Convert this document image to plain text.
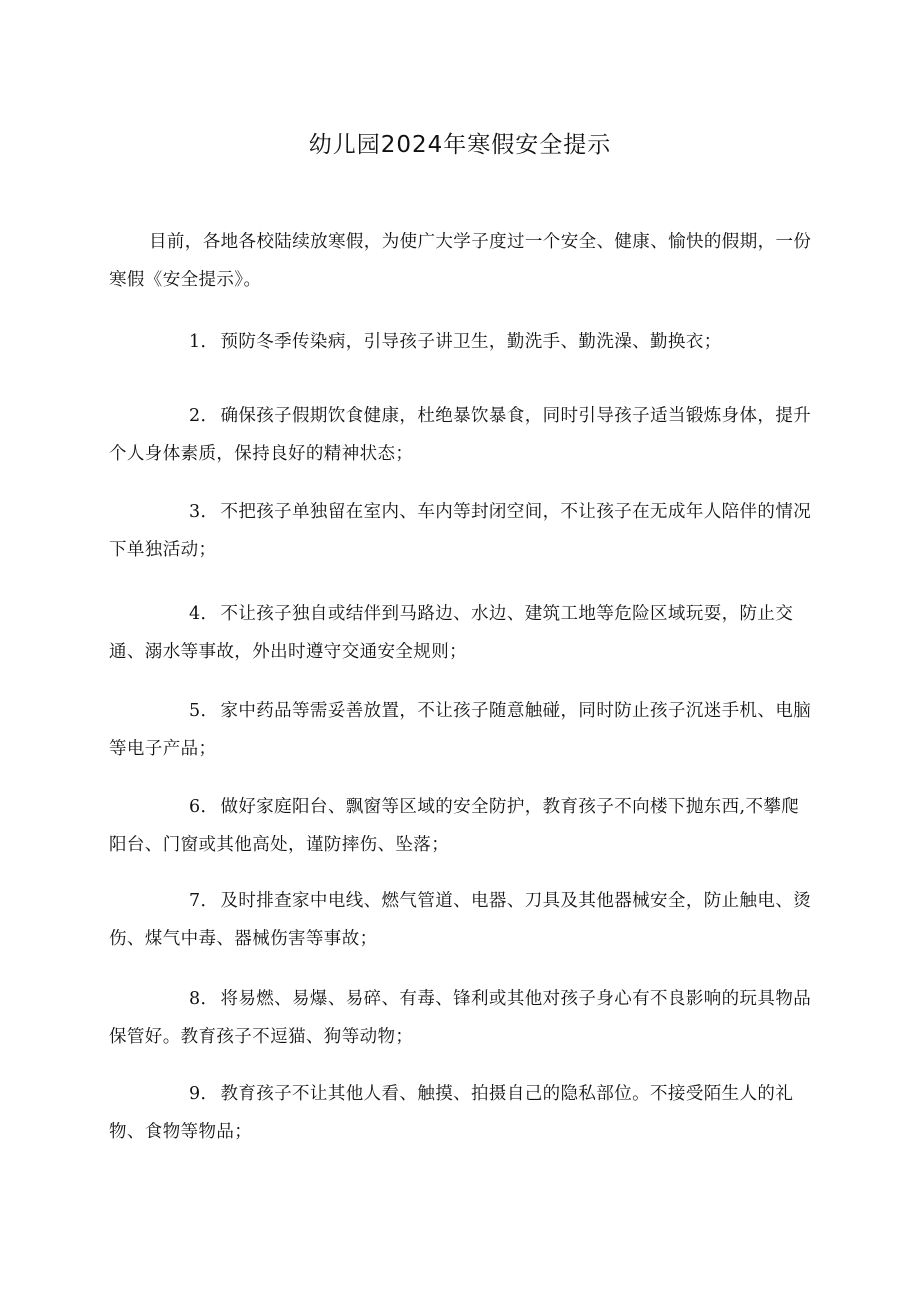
幼儿园2024年寒假安全提示
目前，各地各校陆续放寒假，为使广大学子度过一个安全、健康、愉快的假期，一份寒假《安全提示》。
1． 预防冬季传染病，引导孩子讲卫生，勤洗手、勤洗澡、勤换衣；
2． 确保孩子假期饮食健康，杜绝暴饮暴食，同时引导孩子适当锻炼身体，提升个人身体素质，保持良好的精神状态；
3． 不把孩子单独留在室内、车内等封闭空间，不让孩子在无成年人陪伴的情况下单独活动；
4． 不让孩子独自或结伴到马路边、水边、建筑工地等危险区域玩耍，防止交通、溺水等事故，外出时遵守交通安全规则；
5． 家中药品等需妥善放置，不让孩子随意触碰，同时防止孩子沉迷手机、电脑等电子产品；
6． 做好家庭阳台、飘窗等区域的安全防护，教育孩子不向楼下抛东西,不攀爬阳台、门窗或其他高处，谨防摔伤、坠落；
7． 及时排查家中电线、燃气管道、电器、刀具及其他器械安全，防止触电、烫伤、煤气中毒、器械伤害等事故；
8． 将易燃、易爆、易碎、有毒、锋利或其他对孩子身心有不良影响的玩具物品保管好。教育孩子不逗猫、狗等动物；
9． 教育孩子不让其他人看、触摸、拍摄自己的隐私部位。不接受陌生人的礼物、食物等物品；
